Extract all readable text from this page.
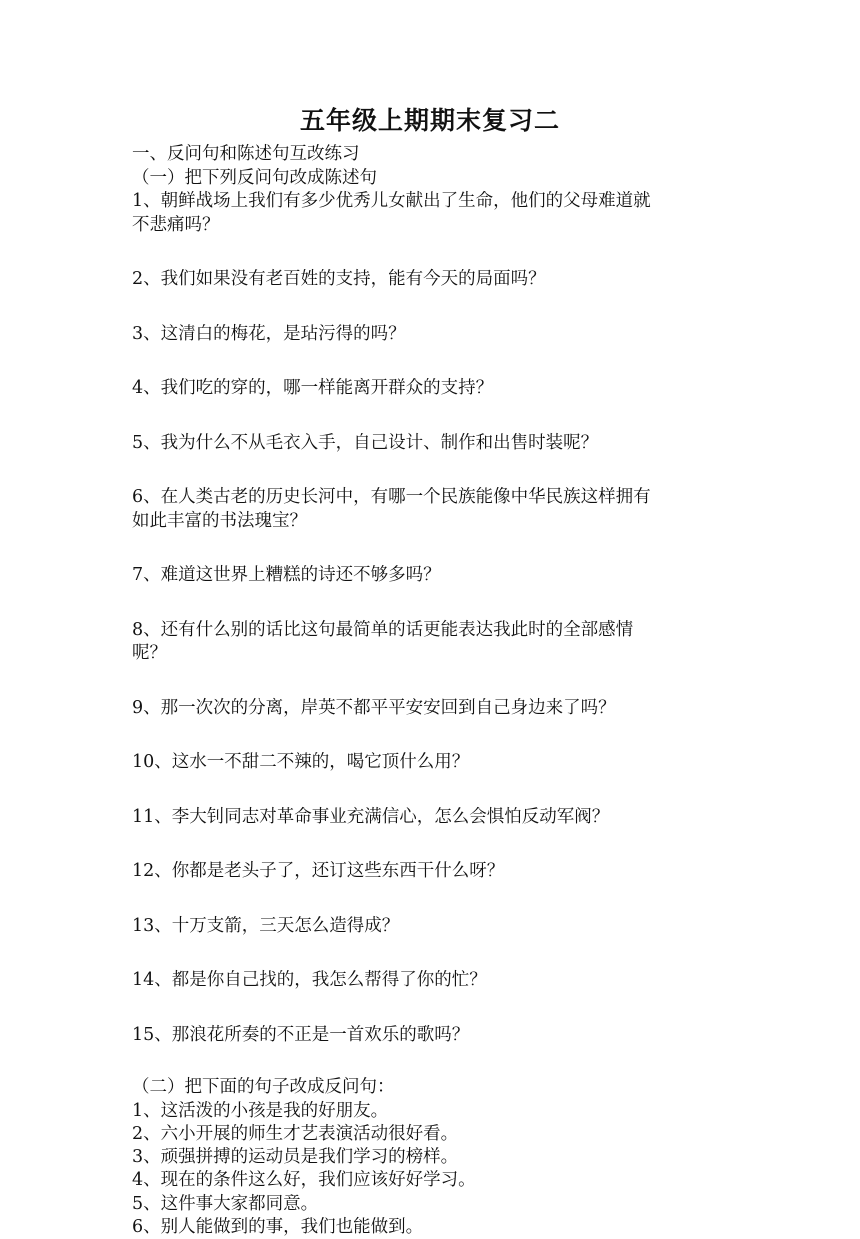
五年级上期期末复习二
一、反问句和陈述句互改练习
（一）把下列反问句改成陈述句
1、朝鲜战场上我们有多少优秀儿女献出了生命，他们的父母难道就
不悲痛吗？
2、我们如果没有老百姓的支持，能有今天的局面吗？
3、这清白的梅花，是玷污得的吗？
4、我们吃的穿的，哪一样能离开群众的支持？
5、我为什么不从毛衣入手，自己设计、制作和出售时装呢？
6、在人类古老的历史长河中，有哪一个民族能像中华民族这样拥有
如此丰富的书法瑰宝？
7、难道这世界上糟糕的诗还不够多吗？
8、还有什么别的话比这句最简单的话更能表达我此时的全部感情
呢？
9、那一次次的分离，岸英不都平平安安回到自己身边来了吗？
10、这水一不甜二不辣的，喝它顶什么用？
11、李大钊同志对革命事业充满信心，怎么会惧怕反动军阀？
12、你都是老头子了，还订这些东西干什么呀？
13、十万支箭，三天怎么造得成？
14、都是你自己找的，我怎么帮得了你的忙？
15、那浪花所奏的不正是一首欢乐的歌吗？
（二）把下面的句子改成反问句：
1、这活泼的小孩是我的好朋友。
2、六小开展的师生才艺表演活动很好看。
3、顽强拼搏的运动员是我们学习的榜样。
4、现在的条件这么好，我们应该好好学习。
5、这件事大家都同意。
6、别人能做到的事，我们也能做到。
